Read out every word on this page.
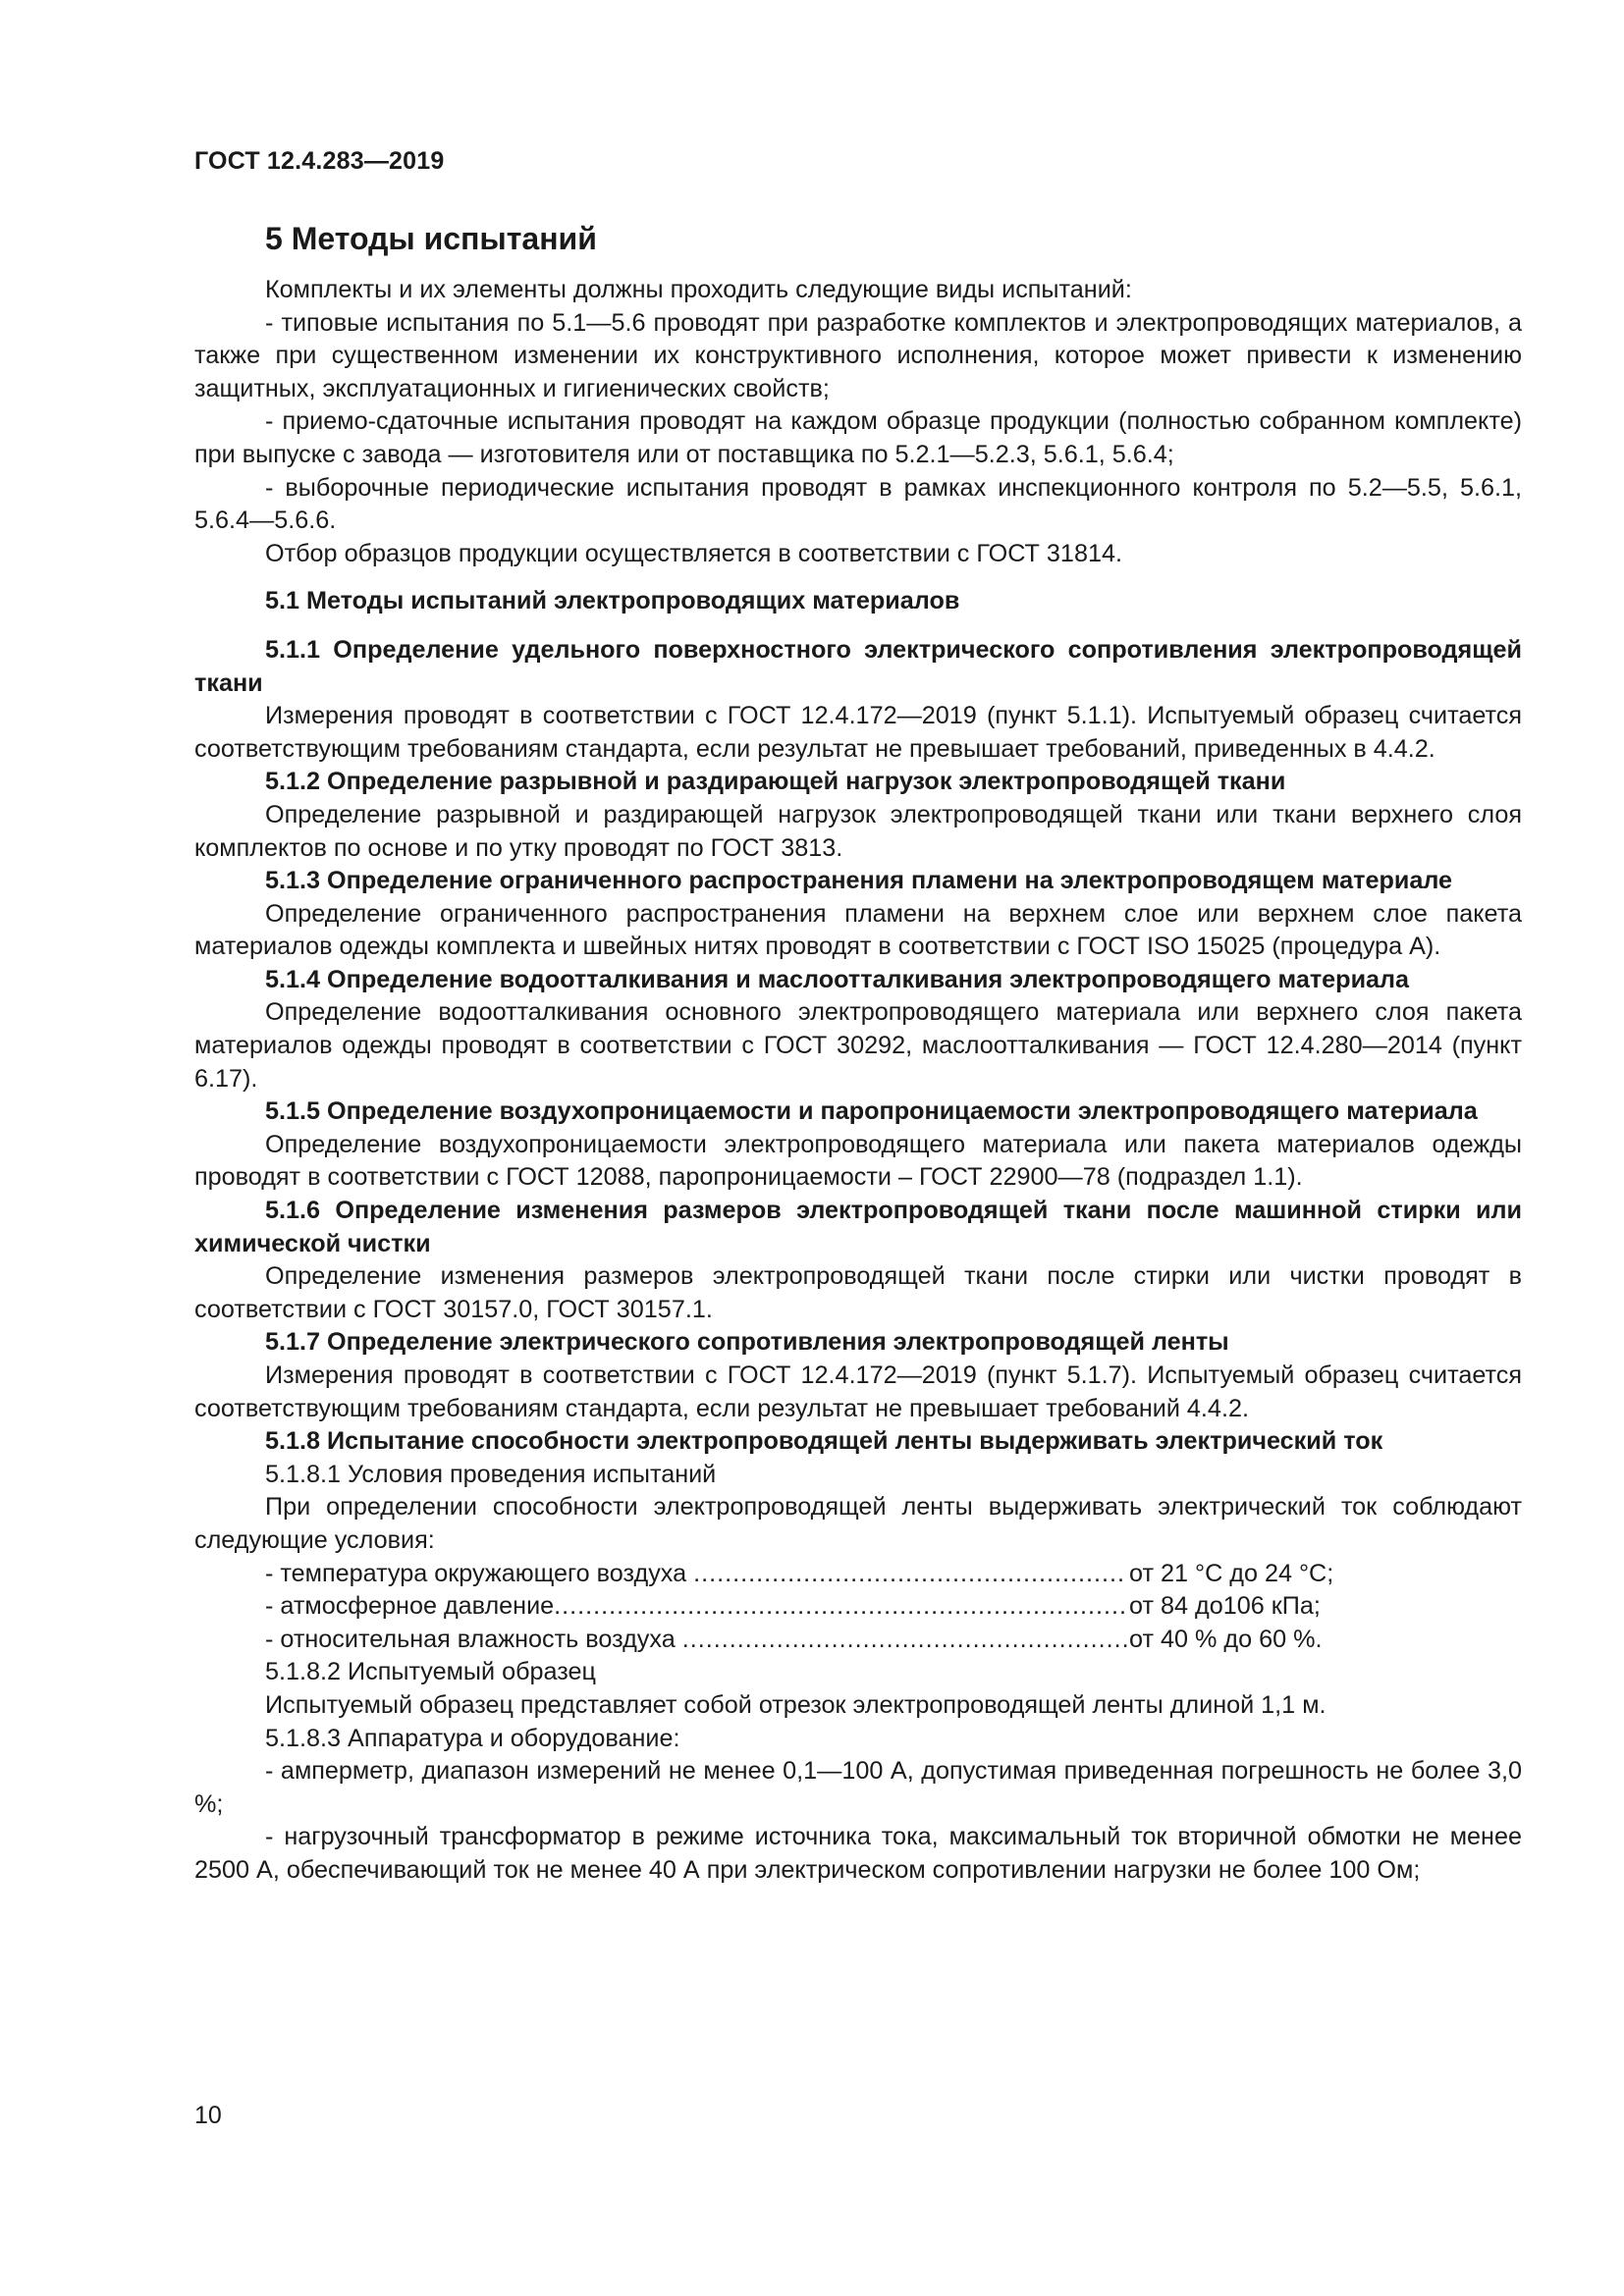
ГОСТ 12.4.283—2019
5 Методы испытаний

Комплекты и их элементы должны проходить следующие виды испытаний:

- типовые испытания по 5.1—5.6 проводят при разработке комплектов и электропроводящих материалов, а также при существенном изменении их конструктивного исполнения, которое может привести к изменению защитных, эксплуатационных и гигиенических свойств;

- приемо-сдаточные испытания проводят на каждом образце продукции (полностью собранном комплекте) при выпуске с завода — изготовителя или от поставщика по 5.2.1—5.2.3, 5.6.1, 5.6.4;

- выборочные периодические испытания проводят в рамках инспекционного контроля по 5.2—5.5, 5.6.1, 5.6.4—5.6.6.

Отбор образцов продукции осуществляется в соответствии с ГОСТ 31814.

5.1 Методы испытаний электропроводящих материалов

5.1.1 Определение удельного поверхностного электрического сопротивления электропроводящей ткани

Измерения проводят в соответствии с ГОСТ 12.4.172—2019 (пункт 5.1.1). Испытуемый образец считается соответствующим требованиям стандарта, если результат не превышает требований, приведенных в 4.4.2.

5.1.2 Определение разрывной и раздирающей нагрузок электропроводящей ткани

Определение разрывной и раздирающей нагрузок электропроводящей ткани или ткани верхнего слоя комплектов по основе и по утку проводят по ГОСТ 3813.

5.1.3 Определение ограниченного распространения пламени на электропроводящем материале

Определение ограниченного распространения пламени на верхнем слое или верхнем слое пакета материалов одежды комплекта и швейных нитях проводят в соответствии с ГОСТ ISO 15025 (процедура А).

5.1.4 Определение водоотталкивания и маслоотталкивания электропроводящего материала

Определение водоотталкивания основного электропроводящего материала или верхнего слоя пакета материалов одежды проводят в соответствии с ГОСТ 30292, маслоотталкивания — ГОСТ 12.4.280—2014 (пункт 6.17).

5.1.5 Определение воздухопроницаемости и паропроницаемости электропроводящего материала

Определение воздухопроницаемости электропроводящего материала или пакета материалов одежды проводят в соответствии с ГОСТ 12088, паропроницаемости – ГОСТ 22900—78 (подраздел 1.1).

5.1.6 Определение изменения размеров электропроводящей ткани после машинной стирки или химической чистки

Определение изменения размеров электропроводящей ткани после стирки или чистки проводят в соответствии с ГОСТ 30157.0, ГОСТ 30157.1.

5.1.7 Определение электрического сопротивления электропроводящей ленты

Измерения проводят в соответствии с ГОСТ 12.4.172—2019 (пункт 5.1.7). Испытуемый образец считается соответствующим требованиям стандарта, если результат не превышает требований 4.4.2.

5.1.8 Испытание способности электропроводящей ленты выдерживать электрический ток

5.1.8.1 Условия проведения испытаний

При определении способности электропроводящей ленты выдерживать электрический ток соблюдают следующие условия:

- температура окружающего воздуха .....	от 21 °С до 24 °С;
- атмосферное давление .....	от 84 до106 кПа;
- относительная влажность воздуха .....	от 40 % до 60 %.

5.1.8.2 Испытуемый образец

Испытуемый образец представляет собой отрезок электропроводящей ленты длиной 1,1 м.

5.1.8.3 Аппаратура и оборудование:

- амперметр, диапазон измерений не менее 0,1—100 А, допустимая приведенная погрешность не более 3,0 %;

- нагрузочный трансформатор в режиме источника тока, максимальный ток вторичной обмотки не менее 2500 А, обеспечивающий ток не менее 40 А при электрическом сопротивлении нагрузки не более 100 Ом;

10
